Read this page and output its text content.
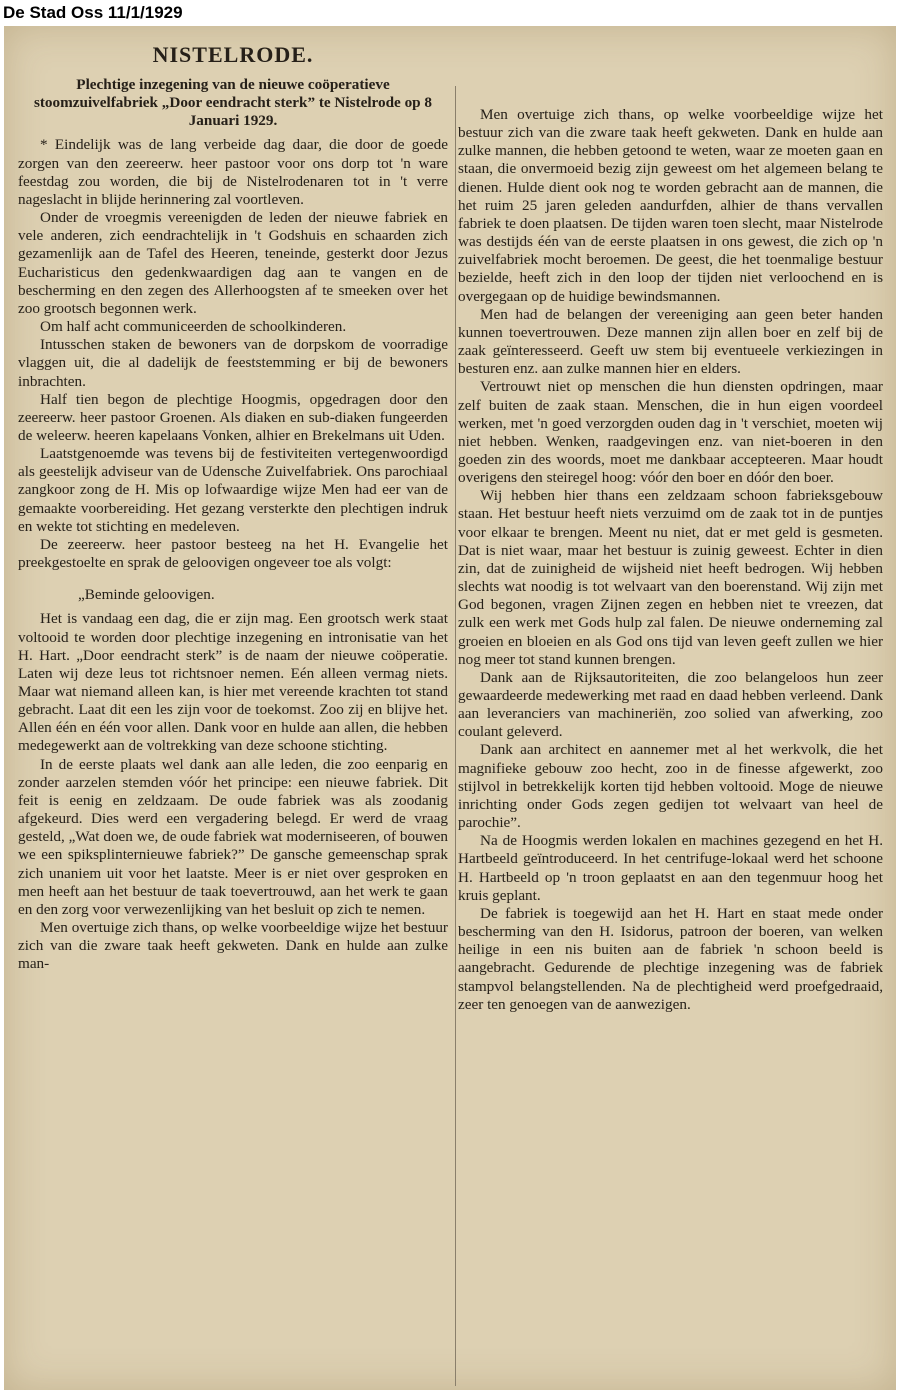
De Stad Oss 11/1/1929
NISTELRODE.
Plechtige inzegening van de nieuwe coöperatieve stoomzuivelfabriek „Door eendracht sterk” te Nistelrode op 8 Januari 1929.

* Eindelijk was de lang verbeide dag daar, die door de goede zorgen van den zeereerw. heer pastoor voor ons dorp tot 'n ware feestdag zou worden, die bij de Nistelrodenaren tot in 't verre nageslacht in blijde herinnering zal voortleven.

Onder de vroegmis vereenigden de leden der nieuwe fabriek en vele anderen, zich eendrachtelijk in 't Godshuis en schaarden zich gezamenlijk aan de Tafel des Heeren, teneinde, gesterkt door Jezus Eucharisticus den gedenkwaardigen dag aan te vangen en de bescherming en den zegen des Allerhoogsten af te smeeken over het zoo grootsch begonnen werk.

Om half acht communiceerden de schoolkinderen.

Intusschen staken de bewoners van de dorpskom de voorradige vlaggen uit, die al dadelijk de feeststemming er bij de bewoners inbrachten.

Half tien begon de plechtige Hoogmis, opgedragen door den zeereerw. heer pastoor Groenen. Als diaken en sub-diaken fungeerden de weleerw. heeren kapelaans Vonken, alhier en Brekelmans uit Uden.

Laatstgenoemde was tevens bij de festiviteiten vertegenwoordigd als geestelijk adviseur van de Udensche Zuivelfabriek. Ons parochiaal zangkoor zong de H. Mis op lofwaardige wijze Men had eer van de gemaakte voorbereiding. Het gezang versterkte den plechtigen indruk en wekte tot stichting en medeleven.

De zeereerw. heer pastoor besteeg na het H. Evangelie het preekgestoelte en sprak de geloovigen ongeveer toe als volgt:

„Beminde geloovigen.

Het is vandaag een dag, die er zijn mag. Een grootsch werk staat voltooid te worden door plechtige inzegening en intronisatie van het H. Hart. „Door eendracht sterk” is de naam der nieuwe coöperatie. Laten wij deze leus tot richtsnoer nemen. Eén alleen vermag niets. Maar wat niemand alleen kan, is hier met vereende krachten tot stand gebracht. Laat dit een les zijn voor de toekomst. Zoo zij en blijve het. Allen één en één voor allen. Dank voor en hulde aan allen, die hebben medegewerkt aan de voltrekking van deze schoone stichting.

In de eerste plaats wel dank aan alle leden, die zoo eenparig en zonder aarzelen stemden vóór het principe: een nieuwe fabriek. Dit feit is eenig en zeldzaam. De oude fabriek was als zoodanig afgekeurd. Dies werd een vergadering belegd. Er werd de vraag gesteld, „Wat doen we, de oude fabriek wat moderniseeren, of bouwen we een spiksplinternieuwe fabriek?” De gansche gemeenschap sprak zich unaniem uit voor het laatste. Meer is er niet over gesproken en men heeft aan het bestuur de taak toevertrouwd, aan het werk te gaan en den zorg voor verwezenlijking van het besluit op zich te nemen.

Men overtuige zich thans, op welke voorbeeldige wijze het bestuur zich van die zware taak heeft gekweten. Dank en hulde aan zulke man-

Men overtuige zich thans, op welke voorbeeldige wijze het bestuur zich van die zware taak heeft gekweten. Dank en hulde aan zulke mannen, die hebben getoond te weten, waar ze moeten gaan en staan, die onvermoeid bezig zijn geweest om het algemeen belang te dienen. Hulde dient ook nog te worden gebracht aan de mannen, die het ruim 25 jaren geleden aandurfden, alhier de thans vervallen fabriek te doen plaatsen. De tijden waren toen slecht, maar Nistelrode was destijds één van de eerste plaatsen in ons gewest, die zich op 'n zuivelfabriek mocht beroemen. De geest, die het toenmalige bestuur bezielde, heeft zich in den loop der tijden niet verloochend en is overgegaan op de huidige bewindsmannen.

Men had de belangen der vereeniging aan geen beter handen kunnen toevertrouwen. Deze mannen zijn allen boer en zelf bij de zaak geïnteresseerd. Geeft uw stem bij eventueele verkiezingen in besturen enz. aan zulke mannen hier en elders.

Vertrouwt niet op menschen die hun diensten opdringen, maar zelf buiten de zaak staan. Menschen, die in hun eigen voordeel werken, met 'n goed verzorgden ouden dag in 't verschiet, moeten wij niet hebben. Wenken, raadgevingen enz. van niet-boeren in den goeden zin des woords, moet me dankbaar accepteeren. Maar houdt overigens den steiregel hoog: vóór den boer en dóór den boer.

Wij hebben hier thans een zeldzaam schoon fabrieksgebouw staan. Het bestuur heeft niets verzuimd om de zaak tot in de puntjes voor elkaar te brengen. Meent nu niet, dat er met geld is gesmeten. Dat is niet waar, maar het bestuur is zuinig geweest. Echter in dien zin, dat de zuinigheid de wijsheid niet heeft bedrogen. Wij hebben slechts wat noodig is tot welvaart van den boerenstand. Wij zijn met God begonen, vragen Zijnen zegen en hebben niet te vreezen, dat zulk een werk met Gods hulp zal falen. De nieuwe onderneming zal groeien en bloeien en als God ons tijd van leven geeft zullen we hier nog meer tot stand kunnen brengen.

Dank aan de Rijksautoriteiten, die zoo belangeloos hun zeer gewaardeerde medewerking met raad en daad hebben verleend. Dank aan leveranciers van machineriën, zoo solied van afwerking, zoo coulant geleverd.

Dank aan architect en aannemer met al het werkvolk, die het magnifieke gebouw zoo hecht, zoo in de finesse afgewerkt, zoo stijlvol in betrekkelijk korten tijd hebben voltooid. Moge de nieuwe inrichting onder Gods zegen gedijen tot welvaart van heel de parochie”.

Na de Hoogmis werden lokalen en machines gezegend en het H. Hartbeeld geïntroduceerd. In het centrifuge-lokaal werd het schoone H. Hartbeeld op 'n troon geplaatst en aan den tegenmuur hoog het kruis geplant.

De fabriek is toegewijd aan het H. Hart en staat mede onder bescherming van den H. Isidorus, patroon der boeren, van welken heilige in een nis buiten aan de fabriek 'n schoon beeld is aangebracht. Gedurende de plechtige inzegening was de fabriek stampvol belangstellenden. Na de plechtigheid werd proefgedraaid, zeer ten genoegen van de aanwezigen.
